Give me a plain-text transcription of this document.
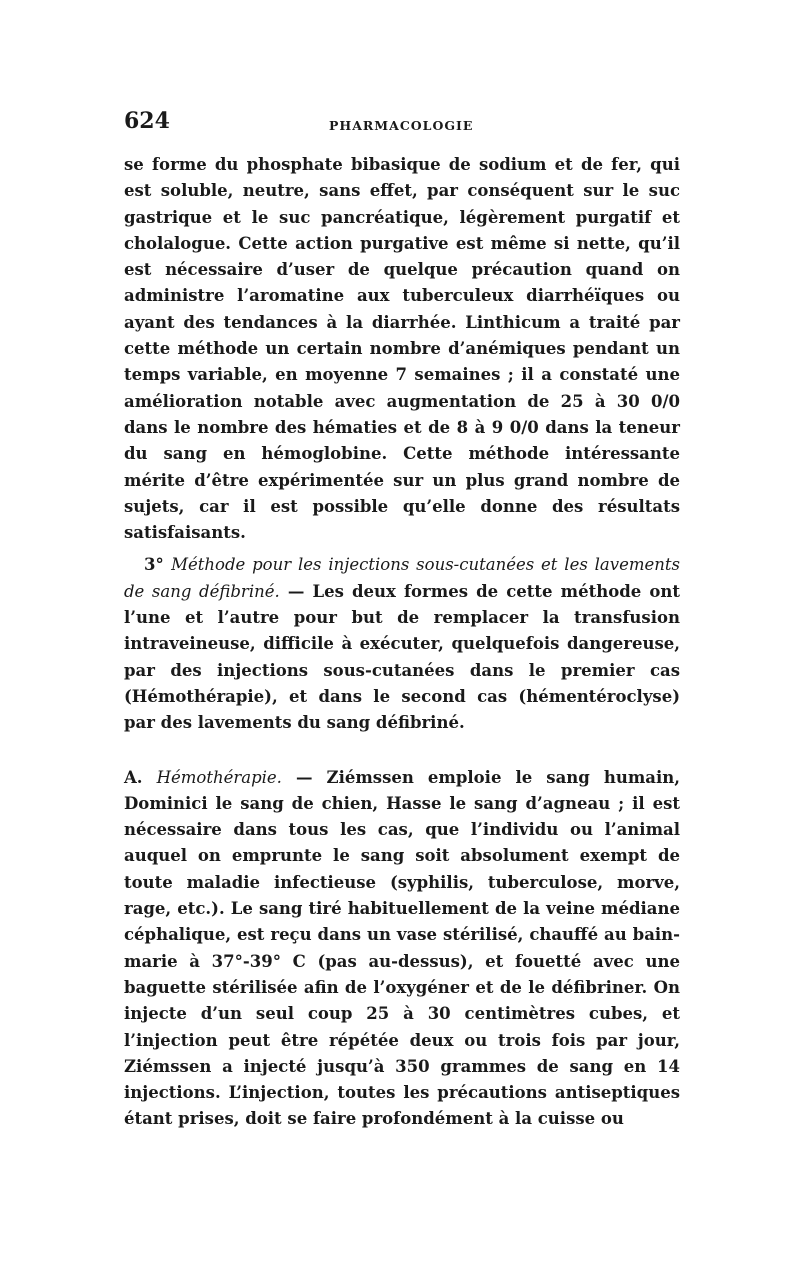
624	PHARMACOLOGIE

se forme du phosphate bibasique de sodium et de fer, qui est soluble, neutre, sans effet, par conséquent sur le suc gastrique et le suc pancréatique, légèrement purgatif et cholalogue. Cette action purgative est même si nette, qu’il est nécessaire d’user de quelque précaution quand on administre l’aromatine aux tuberculeux diarrhéïques ou ayant des tendances à la diarrhée. Linthicum a traité par cette méthode un certain nombre d’anémiques pendant un temps variable, en moyenne 7 semaines ; il a constaté une amélioration notable avec augmentation de 25 à 30 0/0 dans le nombre des hématies et de 8 à 9 0/0 dans la teneur du sang en hémoglobine. Cette méthode intéressante mérite d’être expérimentée sur un plus grand nombre de sujets, car il est possible qu’elle donne des résultats satisfaisants.

3° Méthode pour les injections sous-cutanées et les lavements de sang défibriné. — Les deux formes de cette méthode ont l’une et l’autre pour but de remplacer la transfusion intraveineuse, difficile à exécuter, quelquefois dangereuse, par des injections sous-cutanées dans le premier cas (Hémothérapie), et dans le second cas (hémentéroclyse) par des lavements du sang défibriné.

A. Hémothérapie. — Ziémssen emploie le sang humain, Dominici le sang de chien, Hasse le sang d’agneau ; il est nécessaire dans tous les cas, que l’individu ou l’animal auquel on emprunte le sang soit absolument exempt de toute maladie infectieuse (syphilis, tuberculose, morve, rage, etc.). Le sang tiré habituellement de la veine médiane céphalique, est reçu dans un vase stérilisé, chauffé au bain-marie à 37°-39° C (pas au-dessus), et fouetté avec une baguette stérilisée afin de l’oxygéner et de le défibriner. On injecte d’un seul coup 25 à 30 centimètres cubes, et l’injection peut être répétée deux ou trois fois par jour, Ziémssen a injecté jusqu’à 350 grammes de sang en 14 injections. L’injection, toutes les précautions antiseptiques étant prises, doit se faire profondément à la cuisse ou
